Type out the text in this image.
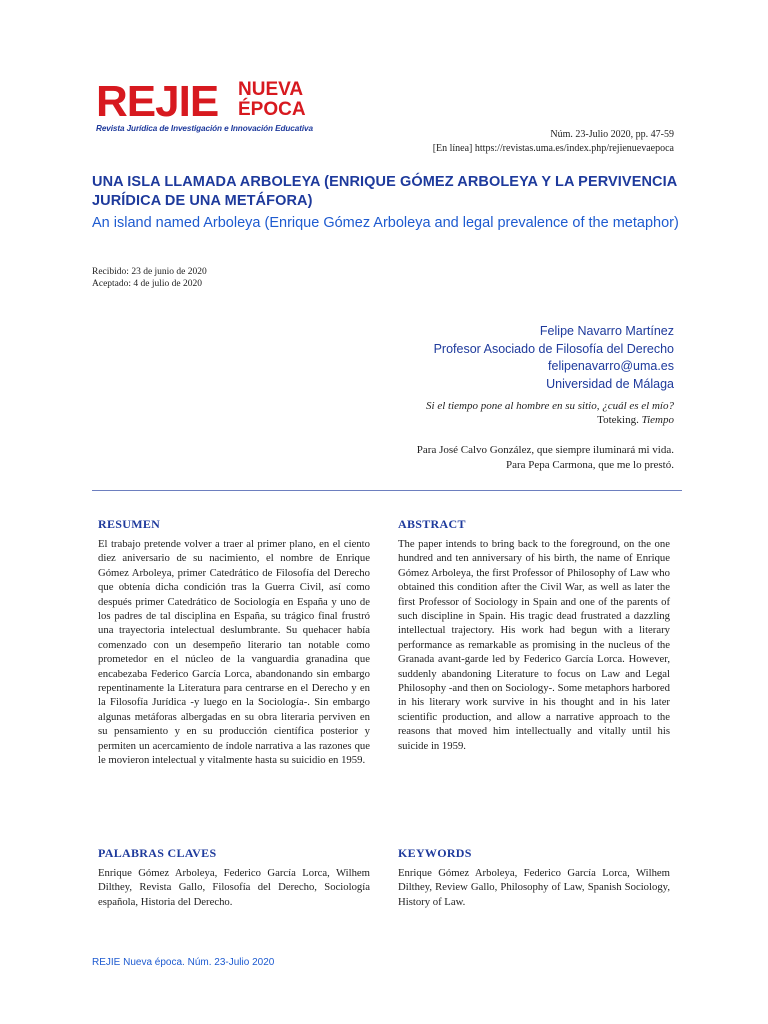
REJIE NUEVA
ÉPOCA
Revista Jurídica de Investigación e Innovación Educativa
Núm. 23-Julio 2020, pp. 47-59
[En línea] https://revistas.uma.es/index.php/rejienuevaepoca
UNA ISLA LLAMADA ARBOLEYA (ENRIQUE GÓMEZ ARBOLEYA Y LA PERVIVENCIA JURÍDICA DE UNA METÁFORA)
An island named Arboleya (Enrique Gómez Arboleya and legal prevalence of the metaphor)
Recibido: 23 de junio de 2020
Aceptado: 4 de julio de 2020
Felipe Navarro Martínez
Profesor Asociado de Filosofía del Derecho
felipenavarro@uma.es
Universidad de Málaga
Si el tiempo pone al hombre en su sitio, ¿cuál es el mío?
Toteking. Tiempo
Para José Calvo González, que siempre iluminará mi vida.
Para Pepa Carmona, que me lo prestó.
RESUMEN
El trabajo pretende volver a traer al primer plano, en el ciento diez aniversario de su nacimiento, el nombre de Enrique Gómez Arboleya, primer Catedrático de Filosofía del Derecho que obtenía dicha condición tras la Guerra Civil, así como después primer Catedrático de Sociología en España y uno de los padres de tal disciplina en España, su trágico final frustró una trayectoria intelectual deslumbrante. Su quehacer había comenzado con un desempeño literario tan notable como prometedor en el núcleo de la vanguardia granadina que encabezaba Federico García Lorca, abandonando sin embargo repentinamente la Literatura para centrarse en el Derecho y en la Filosofía Jurídica -y luego en la Sociología-. Sin embargo algunas metáforas albergadas en su obra literaria perviven en su pensamiento y en su producción científica posterior y permiten un acercamiento de índole narrativa a las razones que le movieron intelectual y vitalmente hasta su suicidio en 1959.
ABSTRACT
The paper intends to bring back to the foreground, on the one hundred and ten anniversary of his birth, the name of Enrique Gómez Arboleya, the first Professor of Philosophy of Law who obtained this condition after the Civil War, as well as later the first Professor of Sociology in Spain and one of the parents of such discipline in Spain. His tragic dead frustrated a dazzling intellectual trajectory. His work had begun with a literary performance as remarkable as promising in the nucleus of the Granada avant-garde led by Federico García Lorca. However, suddenly abandoning Literature to focus on Law and Legal Philosophy -and then on Sociology-. Some metaphors harbored in his literary work survive in his thought and in his later scientific production, and allow a narrative approach to the reasons that moved him intellectually and vitally until his suicide in 1959.
PALABRAS CLAVES
Enrique Gómez Arboleya, Federico García Lorca, Wilhem Dilthey, Revista Gallo, Filosofía del Derecho, Sociología española, Historia del Derecho.
KEYWORDS
Enrique Gómez Arboleya, Federico García Lorca, Wilhem Dilthey, Review Gallo, Philosophy of Law, Spanish Sociology, History of Law.
REJIE Nueva época. Núm. 23-Julio 2020
